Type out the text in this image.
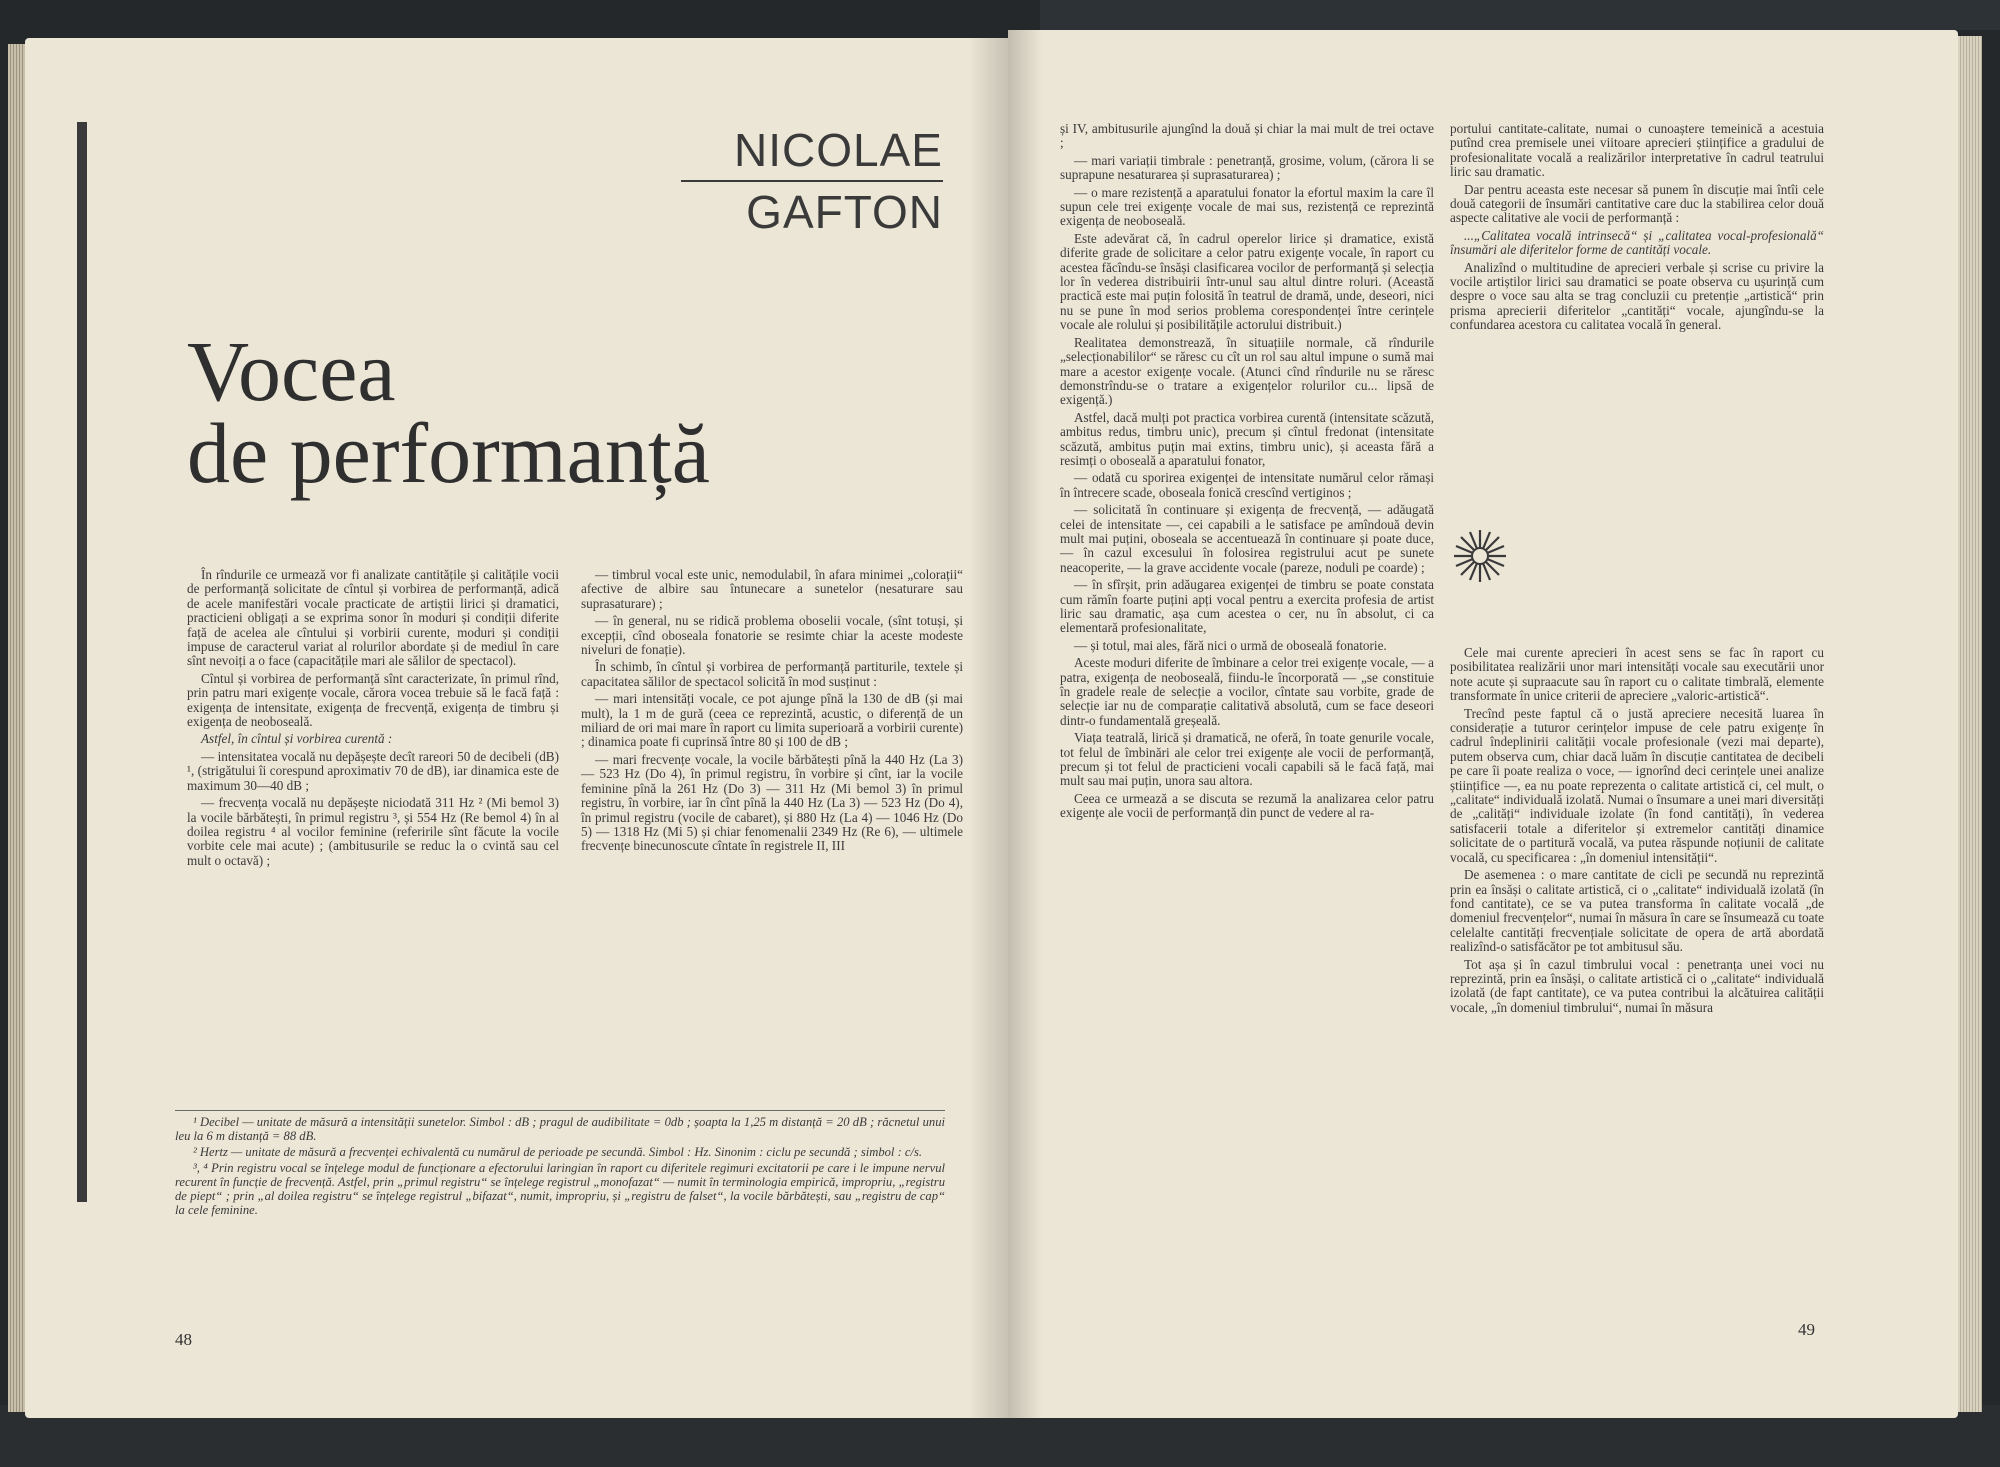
NICOLAE
GAFTON
Vocea
de performanță

În rîndurile ce urmează vor fi analizate cantitățile și calitățile vocii de performanță solicitate de cîntul și vorbirea de performanță, adică de acele manifestări vocale practicate de artiștii lirici și dramatici, practicieni obligați a se exprima sonor în moduri și condiții diferite față de acelea ale cîntului și vorbirii curente, moduri și condiții impuse de caracterul variat al rolurilor abordate și de mediul în care sînt nevoiți a o face (capacitățile mari ale sălilor de spectacol).

Cîntul și vorbirea de performanță sînt caracterizate, în primul rînd, prin patru mari exigențe vocale, cărora vocea trebuie să le facă față : exigența de intensitate, exigența de frecvență, exigența de timbru și exigența de neoboseală.

Astfel, în cîntul și vorbirea curentă :

— intensitatea vocală nu depășește decît rareori 50 de decibeli (dB) ¹, (strigătului îi corespund aproximativ 70 de dB), iar dinamica este de maximum 30—40 dB ;

— frecvența vocală nu depășește niciodată 311 Hz ² (Mi bemol 3) la vocile bărbătești, în primul registru ³, și 554 Hz (Re bemol 4) în al doilea registru ⁴ al vocilor feminine (referirile sînt făcute la vocile vorbite cele mai acute) ; (ambitusurile se reduc la o cvintă sau cel mult o octavă) ;

— timbrul vocal este unic, nemodulabil, în afara minimei „colorații“ afective de albire sau întunecare a sunetelor (nesaturare sau suprasaturare) ;

— în general, nu se ridică problema oboselii vocale, (sînt totuși, și excepții, cînd oboseala fonatorie se resimte chiar la aceste modeste niveluri de fonație).

În schimb, în cîntul și vorbirea de performanță partiturile, textele și capacitatea sălilor de spectacol solicită în mod susținut :

— mari intensități vocale, ce pot ajunge pînă la 130 de dB (și mai mult), la 1 m de gură (ceea ce reprezintă, acustic, o diferență de un miliard de ori mai mare în raport cu limita superioară a vorbirii curente) ; dinamica poate fi cuprinsă între 80 și 100 de dB ;

— mari frecvențe vocale, la vocile bărbătești pînă la 440 Hz (La 3) — 523 Hz (Do 4), în primul registru, în vorbire și cînt, iar la vocile feminine pînă la 261 Hz (Do 3) — 311 Hz (Mi bemol 3) în primul registru, în vorbire, iar în cînt pînă la 440 Hz (La 3) — 523 Hz (Do 4), în primul registru (vocile de cabaret), și 880 Hz (La 4) — 1046 Hz (Do 5) — 1318 Hz (Mi 5) și chiar fenomenalii 2349 Hz (Re 6), — ultimele frecvențe binecunoscute cîntate în registrele II, III

¹ Decibel — unitate de măsură a intensității sunetelor. Simbol : dB ; pragul de audibilitate = 0db ; șoapta la 1,25 m distanță = 20 dB ; răcnetul unui leu la 6 m distanță = 88 dB.

² Hertz — unitate de măsură a frecvenței echivalentă cu numărul de perioade pe secundă. Simbol : Hz. Sinonim : ciclu pe secundă ; simbol : c/s.

³, ⁴ Prin registru vocal se înțelege modul de funcționare a efectorului laringian în raport cu diferitele regimuri excitatorii pe care i le impune nervul recurent în funcție de frecvență. Astfel, prin „primul registru“ se înțelege registrul „monofazat“ — numit în terminologia empirică, impropriu, „registru de piept“ ; prin „al doilea registru“ se înțelege registrul „bifazat“, numit, impropriu, și „registru de falset“, la vocile bărbătești, sau „registru de cap“ la cele feminine.

48

și IV, ambitusurile ajungînd la două și chiar la mai mult de trei octave ;

— mari variații timbrale : penetranță, grosime, volum, (cărora li se suprapune nesaturarea și suprasaturarea) ;

— o mare rezistență a aparatului fonator la efortul maxim la care îl supun cele trei exigențe vocale de mai sus, rezistență ce reprezintă exigența de neoboseală.

Este adevărat că, în cadrul operelor lirice și dramatice, există diferite grade de solicitare a celor patru exigențe vocale, în raport cu acestea făcîndu-se însăși clasificarea vocilor de performanță și selecția lor în vederea distribuirii într-unul sau altul dintre roluri. (Această practică este mai puțin folosită în teatrul de dramă, unde, deseori, nici nu se pune în mod serios problema corespondenței între cerințele vocale ale rolului și posibilitățile actorului distribuit.)

Realitatea demonstrează, în situațiile normale, că rîndurile „selecționabililor“ se răresc cu cît un rol sau altul impune o sumă mai mare a acestor exigențe vocale. (Atunci cînd rîndurile nu se răresc demonstrîndu-se o tratare a exigențelor rolurilor cu... lipsă de exigență.)

Astfel, dacă mulți pot practica vorbirea curentă (intensitate scăzută, ambitus redus, timbru unic), precum și cîntul fredonat (intensitate scăzută, ambitus puțin mai extins, timbru unic), și aceasta fără a resimți o oboseală a aparatului fonator,

— odată cu sporirea exigenței de intensitate numărul celor rămași în întrecere scade, oboseala fonică crescînd vertiginos ;

— solicitată în continuare și exigența de frecvență, — adăugată celei de intensitate —, cei capabili a le satisface pe amîndouă devin mult mai puțini, oboseala se accentuează în continuare și poate duce, — în cazul excesului în folosirea registrului acut pe sunete neacoperite, — la grave accidente vocale (pareze, noduli pe coarde) ;

— în sfîrșit, prin adăugarea exigenței de timbru se poate constata cum rămîn foarte puțini apți vocal pentru a exercita profesia de artist liric sau dramatic, așa cum acestea o cer, nu în absolut, ci ca elementară profesionalitate,

— și totul, mai ales, fără nici o urmă de oboseală fonatorie.

Aceste moduri diferite de îmbinare a celor trei exigențe vocale, — a patra, exigența de neoboseală, fiindu-le încorporată — „se constituie în gradele reale de selecție a vocilor, cîntate sau vorbite, grade de selecție iar nu de comparație calitativă absolută, cum se face deseori dintr-o fundamentală greșeală.

Viața teatrală, lirică și dramatică, ne oferă, în toate genurile vocale, tot felul de îmbinări ale celor trei exigențe ale vocii de performanță, precum și tot felul de practicieni vocali capabili să le facă față, mai mult sau mai puțin, unora sau altora.

Ceea ce urmează a se discuta se rezumă la analizarea celor patru exigențe ale vocii de performanță din punct de vedere al ra-

portului cantitate-calitate, numai o cunoaștere temeinică a acestuia putînd crea premisele unei viitoare aprecieri științifice a gradului de profesionalitate vocală a realizărilor interpretative în cadrul teatrului liric sau dramatic.

Dar pentru aceasta este necesar să punem în discuție mai întîi cele două categorii de însumări cantitative care duc la stabilirea celor două aspecte calitative ale vocii de performanță :

...„Calitatea vocală intrinsecă“ și „calitatea vocal-profesională“ însumări ale diferitelor forme de cantități vocale.

Analizînd o multitudine de aprecieri verbale și scrise cu privire la vocile artiștilor lirici sau dramatici se poate observa cu ușurință cum despre o voce sau alta se trag concluzii cu pretenție „artistică“ prin prisma aprecierii diferitelor „cantități“ vocale, ajungîndu-se la confundarea acestora cu calitatea vocală în general.

Cele mai curente aprecieri în acest sens se fac în raport cu posibilitatea realizării unor mari intensități vocale sau executării unor note acute și supraacute sau în raport cu o calitate timbrală, elemente transformate în unice criterii de apreciere „valoric-artistică“.

Trecînd peste faptul că o justă apreciere necesită luarea în considerație a tuturor cerințelor impuse de cele patru exigențe în cadrul îndeplinirii calității vocale profesionale (vezi mai departe), putem observa cum, chiar dacă luăm în discuție cantitatea de decibeli pe care îi poate realiza o voce, — ignorînd deci cerințele unei analize științifice —, ea nu poate reprezenta o calitate artistică ci, cel mult, o „calitate“ individuală izolată. Numai o însumare a unei mari diversități de „calități“ individuale izolate (în fond cantități), în vederea satisfacerii totale a diferitelor și extremelor cantități dinamice solicitate de o partitură vocală, va putea răspunde noțiunii de calitate vocală, cu specificarea : „în domeniul intensității“.

De asemenea : o mare cantitate de cicli pe secundă nu reprezintă prin ea însăși o calitate artistică, ci o „calitate“ individuală izolată (în fond cantitate), ce se va putea transforma în calitate vocală „de domeniul frecvențelor“, numai în măsura în care se însumează cu toate celelalte cantități frecvențiale solicitate de opera de artă abordată realizînd-o satisfăcător pe tot ambitusul său.

Tot așa și în cazul timbrului vocal : penetranța unei voci nu reprezintă, prin ea însăși, o calitate artistică ci o „calitate“ individuală izolată (de fapt cantitate), ce va putea contribui la alcătuirea calității vocale, „în domeniul timbrului“, numai în măsura

49
